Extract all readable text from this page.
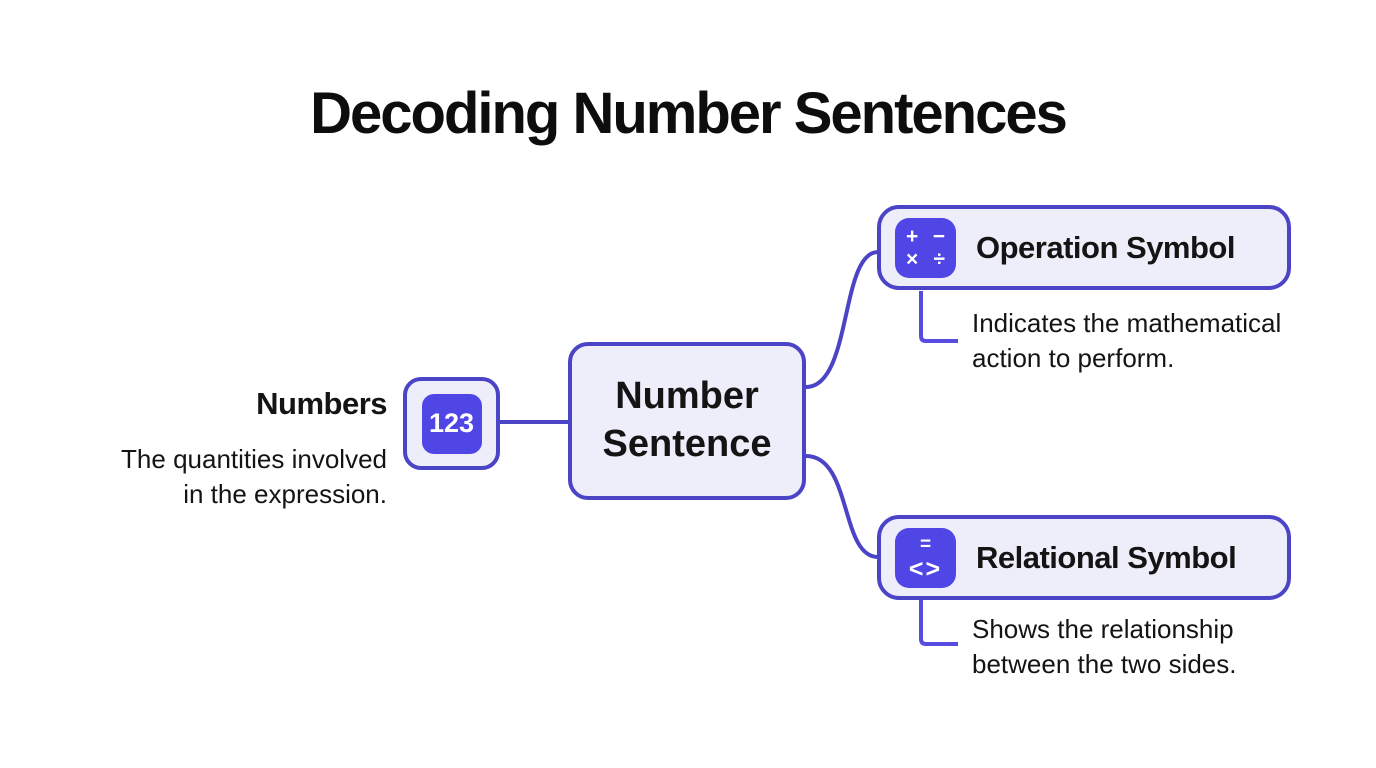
Decoding Number Sentences
Numbers
The quantities involved in the expression.
123
Number Sentence
+ −
× ÷ Operation Symbol
Indicates the mathematical action to perform.
=
<> Relational Symbol
Shows the relationship between the two sides.
